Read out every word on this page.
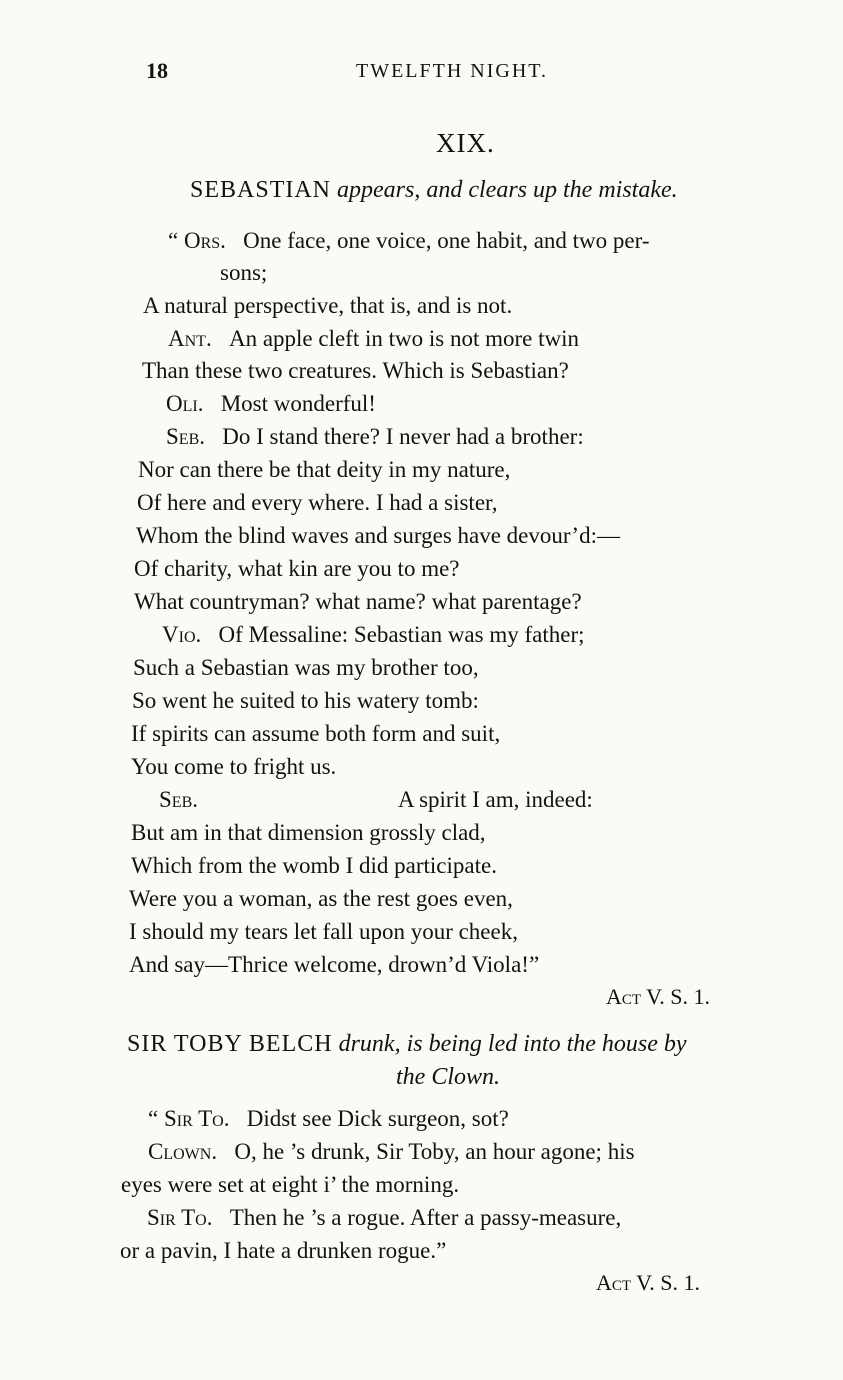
18	TWELFTH NIGHT.
XIX.
SEBASTIAN appears, and clears up the mistake.
“ Ors. One face, one voice, one habit, and two per-
sons;
A natural perspective, that is, and is not.
Ant. An apple cleft in two is not more twin
Than these two creatures. Which is Sebastian?
Oli. Most wonderful!
Seb. Do I stand there? I never had a brother:
Nor can there be that deity in my nature,
Of here and every where. I had a sister,
Whom the blind waves and surges have devour’d:—
Of charity, what kin are you to me?
What countryman? what name? what parentage?
Vio. Of Messaline: Sebastian was my father;
Such a Sebastian was my brother too,
So went he suited to his watery tomb:
If spirits can assume both form and suit,
You come to fright us.
Seb.	A spirit I am, indeed:
But am in that dimension grossly clad,
Which from the womb I did participate.
Were you a woman, as the rest goes even,
I should my tears let fall upon your cheek,
And say—Thrice welcome, drown’d Viola!”
Act V. S. 1.
SIR TOBY BELCH drunk, is being led into the house by
the Clown.
“ Sir To. Didst see Dick surgeon, sot?
Clown. O, he ’s drunk, Sir Toby, an hour agone; his
eyes were set at eight i’ the morning.
Sir To. Then he ’s a rogue. After a passy-measure,
or a pavin, I hate a drunken rogue.”
Act V. S. 1.
